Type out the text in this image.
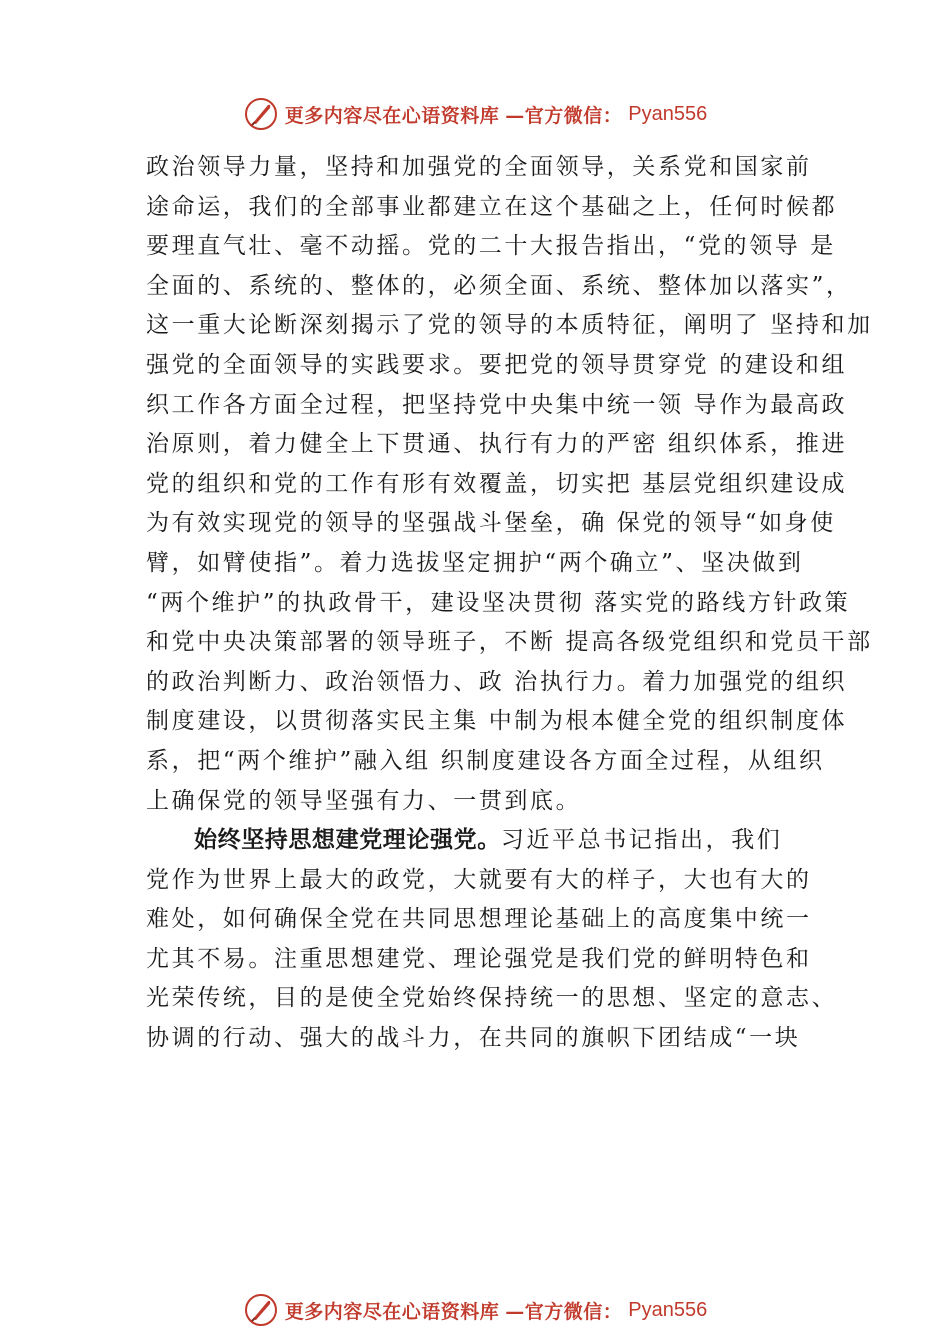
更多内容尽在心语资料库 —官方微信： Pyan556
政治领导力量，坚持和加强党的全面领导，关系党和国家前
途命运，我们的全部事业都建立在这个基础之上，任何时候都
要理直气壮、毫不动摇。党的二十大报告指出，“党的领导 是
全面的、系统的、整体的，必须全面、系统、整体加以落实”，
这一重大论断深刻揭示了党的领导的本质特征，阐明了 坚持和加
强党的全面领导的实践要求。要把党的领导贯穿党 的建设和组
织工作各方面全过程，把坚持党中央集中统一领 导作为最高政
治原则，着力健全上下贯通、执行有力的严密 组织体系，推进
党的组织和党的工作有形有效覆盖，切实把 基层党组织建设成
为有效实现党的领导的坚强战斗堡垒，确 保党的领导“如身使
臂，如臂使指”。着力选拔坚定拥护“两个确立”、坚决做到
“两个维护”的执政骨干，建设坚决贯彻 落实党的路线方针政策
和党中央决策部署的领导班子，不断 提高各级党组织和党员干部
的政治判断力、政治领悟力、政 治执行力。着力加强党的组织
制度建设，以贯彻落实民主集 中制为根本健全党的组织制度体
系，把“两个维护”融入组 织制度建设各方面全过程，从组织
上确保党的领导坚强有力、一贯到底。
始终坚持思想建党理论强党。习近平总书记指出，我们
党作为世界上最大的政党，大就要有大的样子，大也有大的
难处，如何确保全党在共同思想理论基础上的高度集中统一
尤其不易。注重思想建党、理论强党是我们党的鲜明特色和
光荣传统，目的是使全党始终保持统一的思想、坚定的意志、
协调的行动、强大的战斗力，在共同的旗帜下团结成“一块
更多内容尽在心语资料库 —官方微信： Pyan556
